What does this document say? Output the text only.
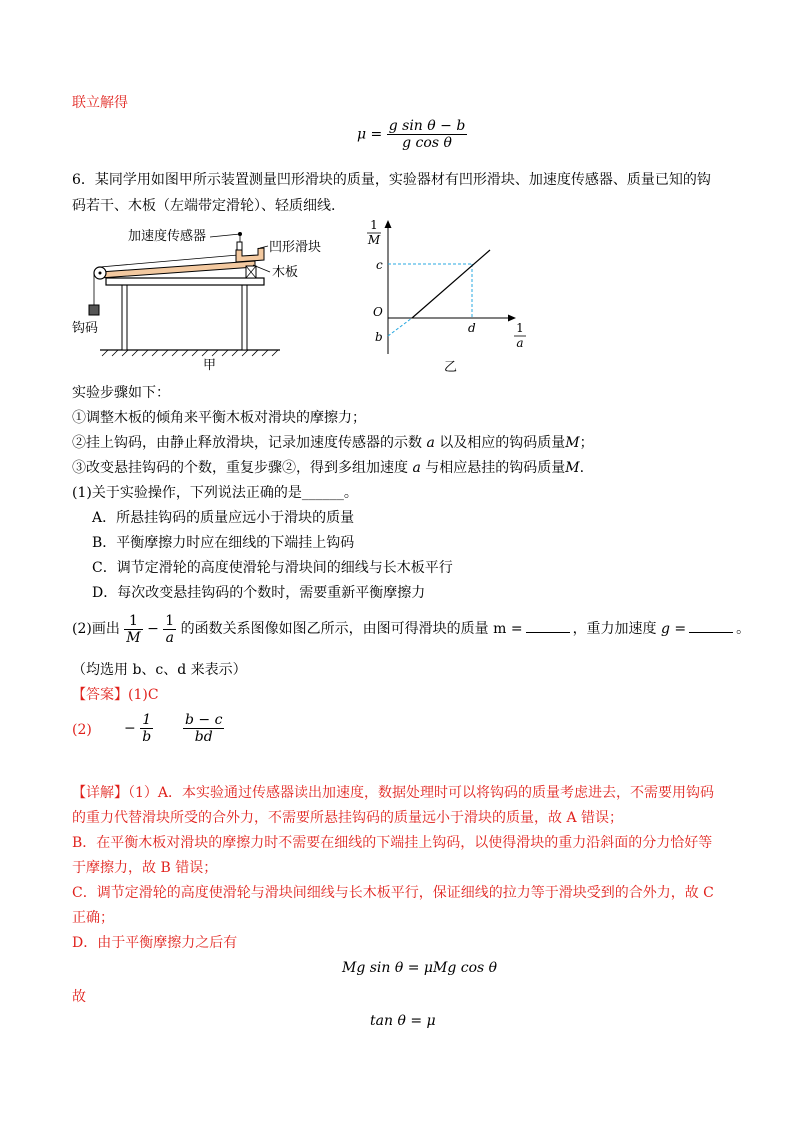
联立解得
$\mu = \frac{\text{g sin θ − b}}{\text{g cos θ}}$
6．某同学用如图甲所示装置测量凹形滑块的质量，实验器材有凹形滑块、加速度传感器、质量已知的钩
码若干、木板（左端带定滑轮）、轻质细线.
加速度传感器
凹形滑块
木板
钩码
甲
1
M
1
a
c
O
b
d
乙
实验步骤如下：
①调整木板的倾角来平衡木板对滑块的摩擦力；
②挂上钩码，由静止释放滑块，记录加速度传感器的示数 a 以及相应的钩码质量M；
③改变悬挂钩码的个数，重复步骤②，得到多组加速度 a 与相应悬挂的钩码质量M.
(1)关于实验操作，下列说法正确的是______。
A．所悬挂钩码的质量应远小于滑块的质量
B．平衡摩擦力时应在细线的下端挂上钩码
C．调节定滑轮的高度使滑轮与滑块间的细线与长木板平行
D．每次改变悬挂钩码的个数时，需要重新平衡摩擦力
(2)画出 $\frac{1}{M} - \frac{1}{a}$ 的函数关系图像如图乙所示，由图可得滑块的质量 m =	，重力加速度 g =	。
（均选用 b、c、d 来表示）
【答案】(1)C
$(2) - \frac{1}{b} \frac{b - c}{bd}$
【详解】（1）A．本实验通过传感器读出加速度，数据处理时可以将钩码的质量考虑进去，不需要用钩码
的重力代替滑块所受的合外力，不需要所悬挂钩码的质量远小于滑块的质量，故 A 错误；
B．在平衡木板对滑块的摩擦力时不需要在细线的下端挂上钩码，以使得滑块的重力沿斜面的分力恰好等
于摩擦力，故 B 错误；
C．调节定滑轮的高度使滑轮与滑块间细线与长木板平行，保证细线的拉力等于滑块受到的合外力，故 C
正确；
D．由于平衡摩擦力之后有
Mg sin θ = μMg cos θ
故
tan θ = μ
